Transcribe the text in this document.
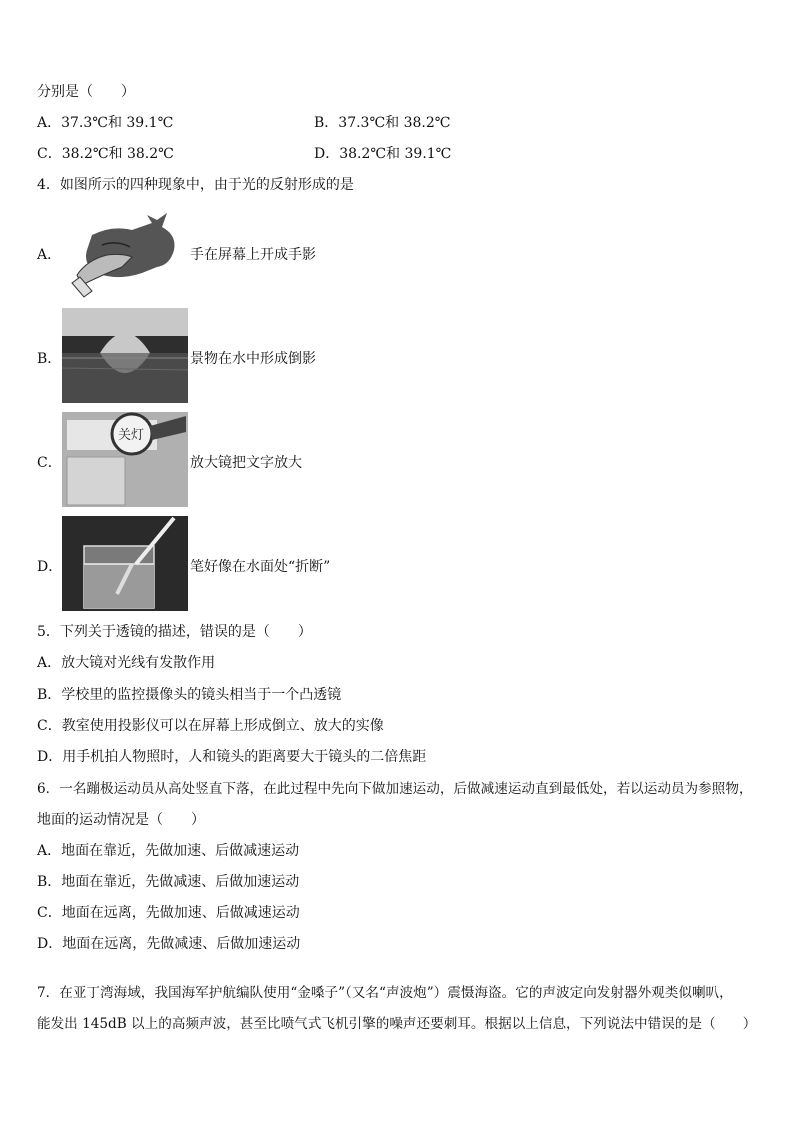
分别是（　　）
A．37.3℃和 39.1℃	B．37.3℃和 38.2℃
C．38.2℃和 38.2℃	D．38.2℃和 39.1℃
4．如图所示的四种现象中，由于光的反射形成的是
A．	手在屏幕上开成手影
B．	景物在水中形成倒影
C．
关灯
放大镜把文字放大
D．	笔好像在水面处“折断”
5．下列关于透镜的描述，错误的是（　　）
A．放大镜对光线有发散作用
B．学校里的监控摄像头的镜头相当于一个凸透镜
C．教室使用投影仪可以在屏幕上形成倒立、放大的实像
D．用手机拍人物照时，人和镜头的距离要大于镜头的二倍焦距
6．一名蹦极运动员从高处竖直下落，在此过程中先向下做加速运动，后做减速运动直到最低处，若以运动员为参照物，
地面的运动情况是（　　）
A．地面在靠近，先做加速、后做减速运动
B．地面在靠近，先做减速、后做加速运动
C．地面在远离，先做加速、后做减速运动
D．地面在远离，先做减速、后做加速运动
7．在亚丁湾海域，我国海军护航编队使用“金嗓子”（又名“声波炮”）震慑海盗。它的声波定向发射器外观类似喇叭，
能发出 145dB 以上的高频声波，甚至比喷气式飞机引擎的噪声还要刺耳。根据以上信息，下列说法中错误的是（　　）
